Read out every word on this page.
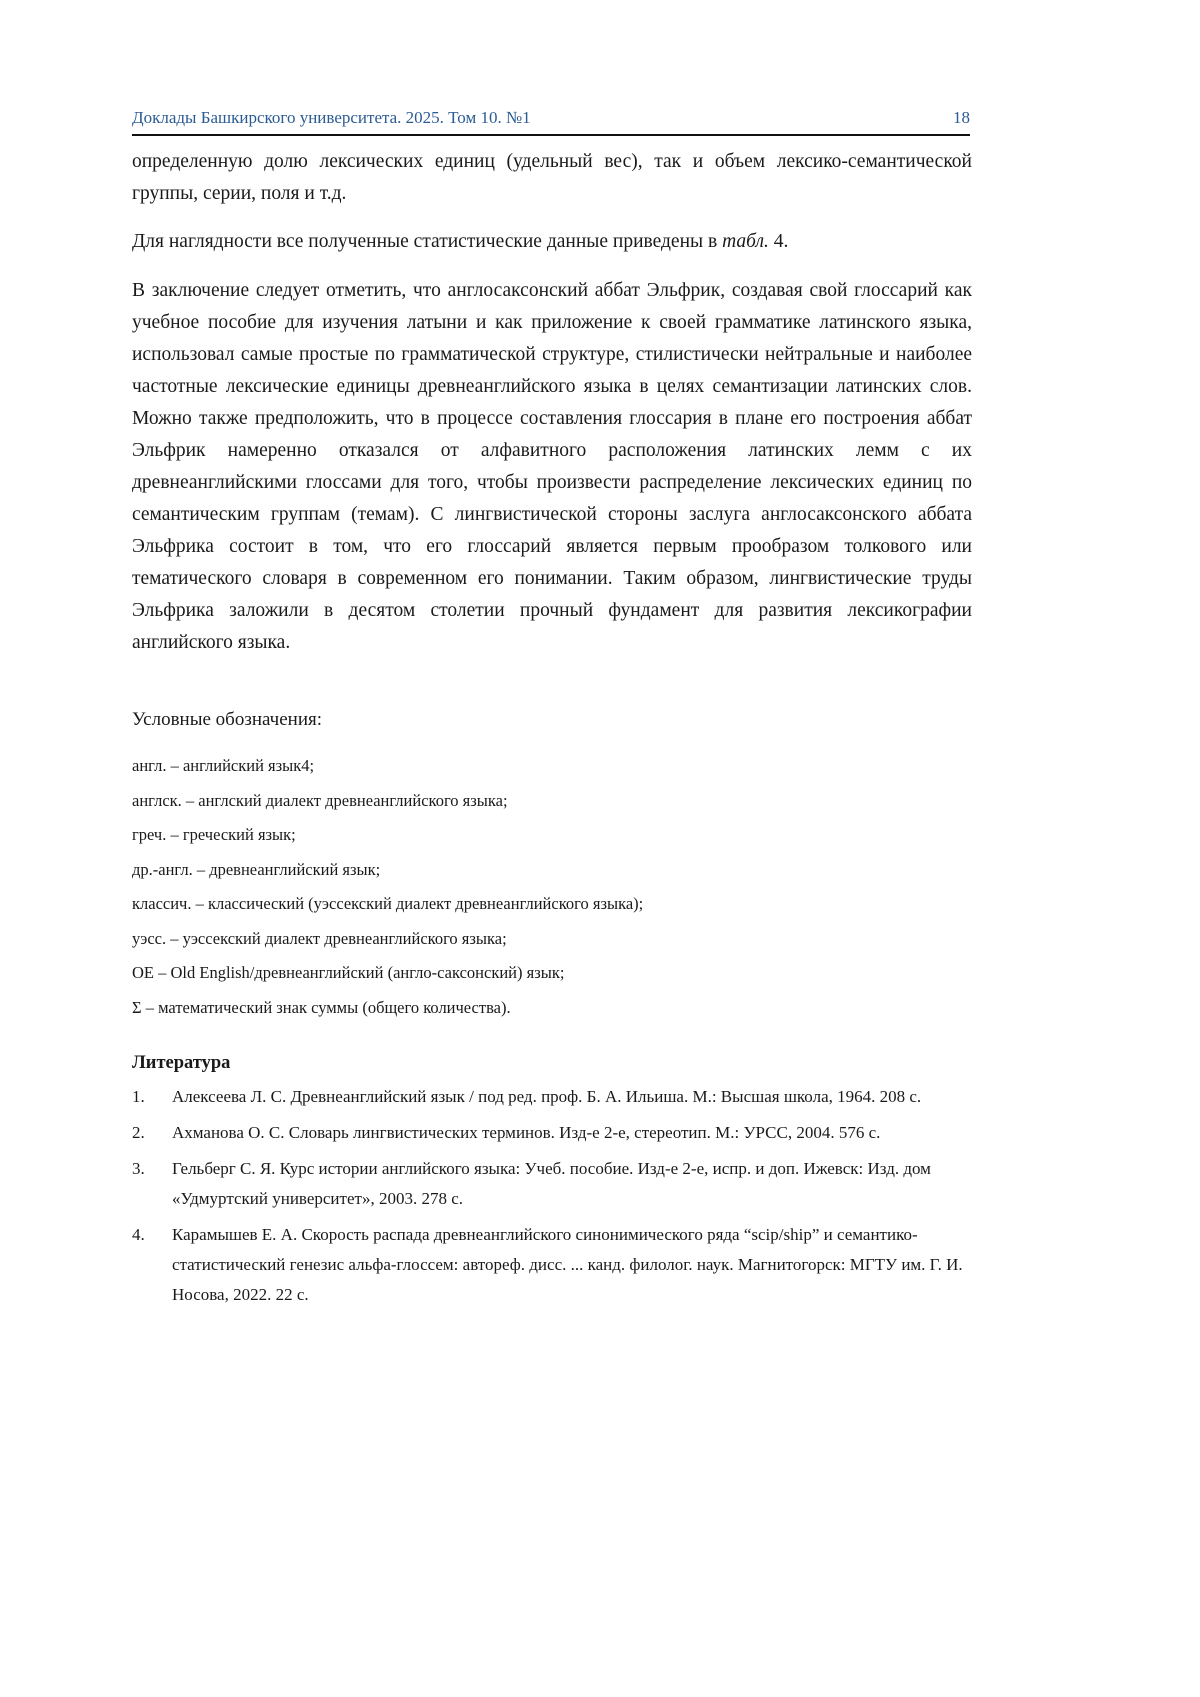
Доклады Башкирского университета. 2025. Том 10. №1	18

определенную долю лексических единиц (удельный вес), так и объем лексико-семантической группы, серии, поля и т.д.

Для наглядности все полученные статистические данные приведены в табл. 4.

В заключение следует отметить, что англосаксонский аббат Эльфрик, создавая свой глоссарий как учебное пособие для изучения латыни и как приложение к своей грамматике латинского языка, использовал самые простые по грамматической структуре, стилистически нейтральные и наиболее частотные лексические единицы древнеанглийского языка в целях семантизации латинских слов. Можно также предположить, что в процессе составления глоссария в плане его построения аббат Эльфрик намеренно отказался от алфавитного расположения латинских лемм с их древнеанглийскими глоссами для того, чтобы произвести распределение лексических единиц по семантическим группам (темам). С лингвистической стороны заслуга англосаксонского аббата Эльфрика состоит в том, что его глоссарий является первым прообразом толкового или тематического словаря в современном его понимании. Таким образом, лингвистические труды Эльфрика заложили в десятом столетии прочный фундамент для развития лексикографии английского языка.

Условные обозначения:
англ. – английский язык4;
англск. – англский диалект древнеанглийского языка;
греч. – греческий язык;
др.-англ. – древнеанглийский язык;
классич. – классический (уэссекский диалект древнеанглийского языка);
уэсс. – уэссекский диалект древнеанглийского языка;
OE – Old English/древнеанглийский (англо-саксонский) язык;
Σ – математический знак суммы (общего количества).
Литература
1. Алексеева Л. С. Древнеанглийский язык / под ред. проф. Б. А. Ильиша. М.: Высшая школа, 1964. 208 с.
2. Ахманова О. С. Словарь лингвистических терминов. Изд-е 2-е, стереотип. М.: УРСС, 2004. 576 с.
3. Гельберг С. Я. Курс истории английского языка: Учеб. пособие. Изд-е 2-е, испр. и доп. Ижевск: Изд. дом «Удмуртский университет», 2003. 278 с.
4. Карамышев Е. А. Скорость распада древнеанглийского синонимического ряда “scip/ship” и семантико-статистический генезис альфа-глоссем: автореф. дисс. ... канд. филолог. наук. Магнитогорск: МГТУ им. Г. И. Носова, 2022. 22 с.
